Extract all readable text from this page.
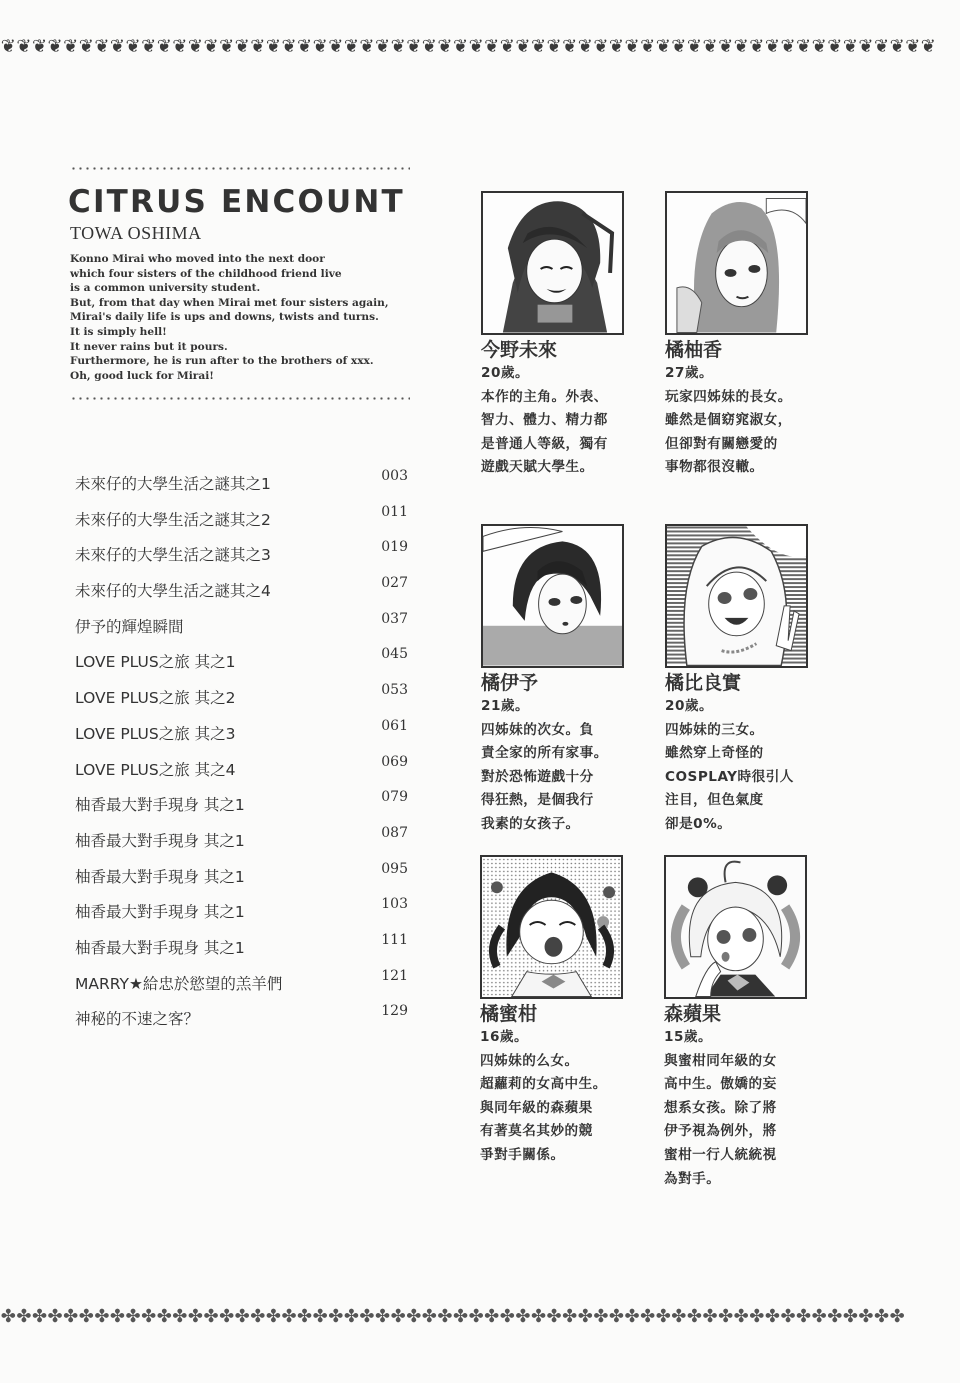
❦❦❦❦❦❦❦❦❦❦❦❦❦❦❦❦❦❦❦❦❦❦❦❦❦❦❦❦❦❦❦❦❦❦❦❦❦❦❦❦❦❦❦❦❦❦❦❦❦❦❦❦❦❦❦❦❦❦❦❦
CITRUS ENCOUNT
TOWA OSHIMA
Konno Mirai who moved into the next door
which four sisters of the childhood friend live
is a common university student.
But, from that day when Mirai met four sisters again,
Mirai's daily life is ups and downs, twists and turns.
It is simply hell!
It never rains but it pours.
Furthermore, he is run after to the brothers of xxx.
Oh, good luck for Mirai!
未來仔的大學生活之謎其之1	003
未來仔的大學生活之謎其之2	011
未來仔的大學生活之謎其之3	019
未來仔的大學生活之謎其之4	027
伊予的輝煌瞬間	037
LOVE PLUS之旅 其之1	045
LOVE PLUS之旅 其之2	053
LOVE PLUS之旅 其之3	061
LOVE PLUS之旅 其之4	069
柚香最大對手現身 其之1	079
柚香最大對手現身 其之1	087
柚香最大對手現身 其之1	095
柚香最大對手現身 其之1	103
柚香最大對手現身 其之1	111
MARRY★給忠於慾望的羔羊們	121
神秘的不速之客？	129
今野未來
20歲。
本作的主角。外表、
智力、體力、精力都
是普通人等級，獨有
遊戲天賦大學生。
橘柚香
27歲。
玩家四姊妹的長女。
雖然是個窈窕淑女，
但卻對有關戀愛的
事物都很沒轍。
橘伊予
21歲。
四姊妹的次女。負
責全家的所有家事。
對於恐怖遊戲十分
得狂熱，是個我行
我素的女孩子。
橘比良實
20歲。
四姊妹的三女。
雖然穿上奇怪的
COSPLAY時很引人
注目，但色氣度
卻是0%。
橘蜜柑
16歲。
四姊妹的么女。
超蘿莉的女高中生。
與同年級的森蘋果
有著莫名其妙的競
爭對手關係。
森蘋果
15歲。
與蜜柑同年級的女
高中生。傲嬌的妄
想系女孩。除了將
伊予視為例外，將
蜜柑一行人統統視
為對手。
✤✤✤✤✤✤✤✤✤✤✤✤✤✤✤✤✤✤✤✤✤✤✤✤✤✤✤✤✤✤✤✤✤✤✤✤✤✤✤✤✤✤✤✤✤✤✤✤✤✤✤✤✤✤✤✤✤✤
